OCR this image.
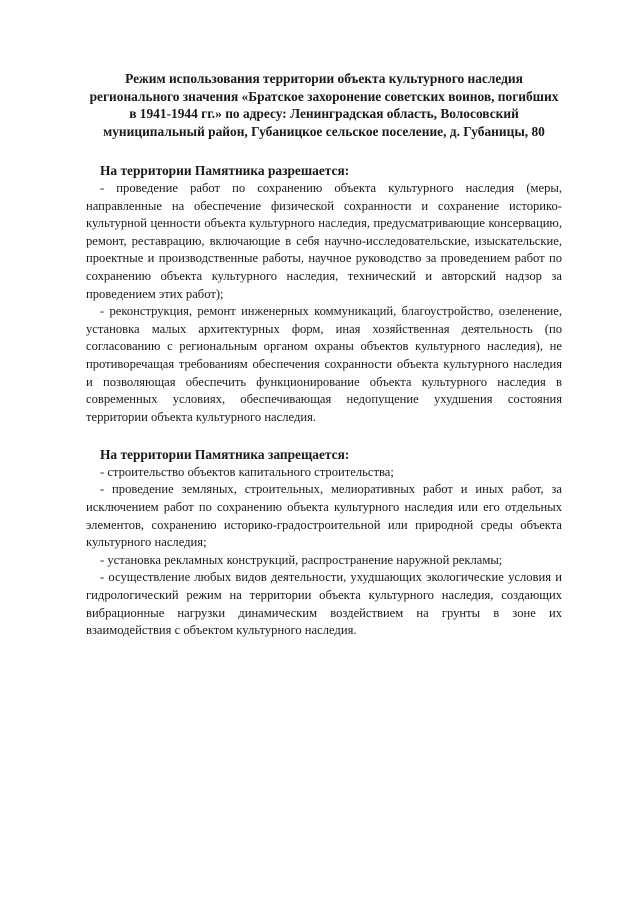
Режим использования территории объекта культурного наследия регионального значения «Братское захоронение советских воинов, погибших в 1941-1944 гг.» по адресу: Ленинградская область, Волосовский муниципальный район, Губаницкое сельское поселение, д. Губаницы, 80

На территории Памятника разрешается:

- проведение работ по сохранению объекта культурного наследия (меры, направленные на обеспечение физической сохранности и сохранение историко-культурной ценности объекта культурного наследия, предусматривающие консервацию, ремонт, реставрацию, включающие в себя научно-исследовательские, изыскательские, проектные и производственные работы, научное руководство за проведением работ по сохранению объекта культурного наследия, технический и авторский надзор за проведением этих работ);

- реконструкция, ремонт инженерных коммуникаций, благоустройство, озеленение, установка малых архитектурных форм, иная хозяйственная деятельность (по согласованию с региональным органом охраны объектов культурного наследия), не противоречащая требованиям обеспечения сохранности объекта культурного наследия и позволяющая обеспечить функционирование объекта культурного наследия в современных условиях, обеспечивающая недопущение ухудшения состояния территории объекта культурного наследия.

На территории Памятника запрещается:

- строительство объектов капитального строительства;

- проведение земляных, строительных, мелиоративных работ и иных работ, за исключением работ по сохранению объекта культурного наследия или его отдельных элементов, сохранению историко-градостроительной или природной среды объекта культурного наследия;

- установка рекламных конструкций, распространение наружной рекламы;

- осуществление любых видов деятельности, ухудшающих экологические условия и гидрологический режим на территории объекта культурного наследия, создающих вибрационные нагрузки динамическим воздействием на грунты в зоне их взаимодействия с объектом культурного наследия.
